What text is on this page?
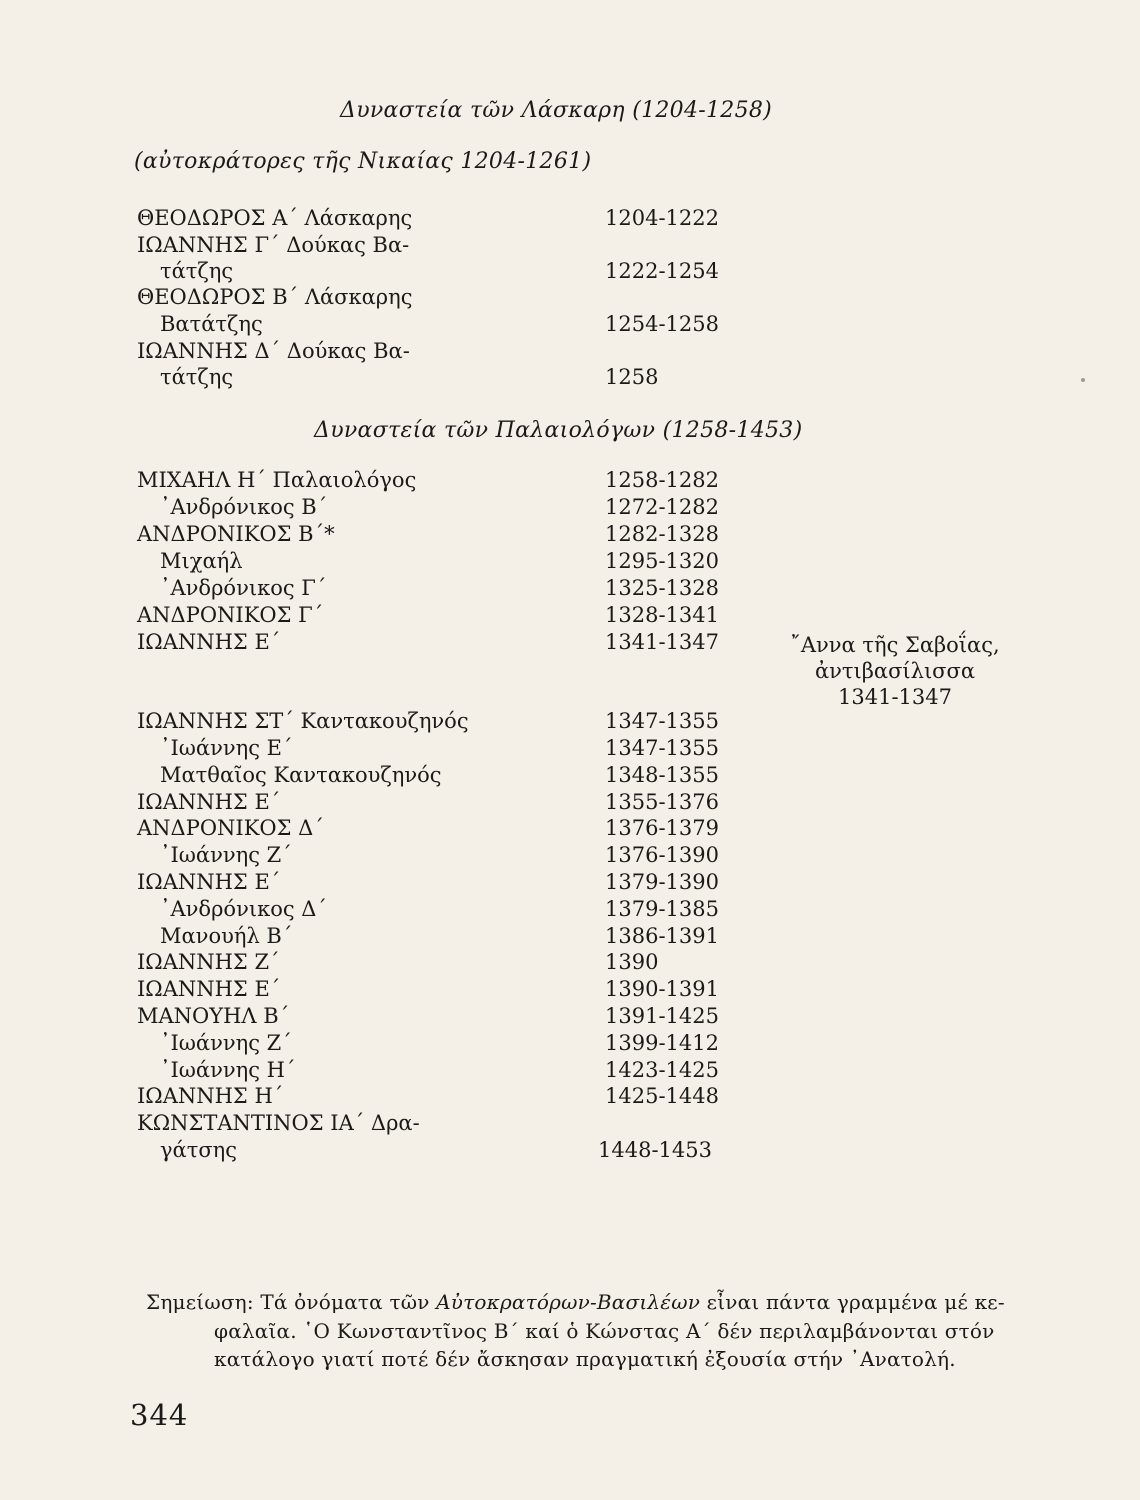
Δυναστεία τῶν Λάσκαρη (1204-1258)
(αὐτοκράτορες τῆς Νικαίας 1204-1261)
ΘΕΟΔΩΡΟΣ Α΄ Λάσκαρης	1204-1222
ΙΩΑΝΝΗΣ Γ΄ Δούκας Βα-
τάτζης	1222-1254
ΘΕΟΔΩΡΟΣ Β΄ Λάσκαρης
Βατάτζης	1254-1258
ΙΩΑΝΝΗΣ Δ΄ Δούκας Βα-
τάτζης	1258
Δυναστεία τῶν Παλαιολόγων (1258-1453)
ΜΙΧΑΗΛ Η΄ Παλαιολόγος	1258-1282
᾿Ανδρόνικος Β΄	1272-1282
ΑΝΔΡΟΝΙΚΟΣ Β΄*	1282-1328
Μιχαήλ	1295-1320
᾿Ανδρόνικος Γ΄	1325-1328
ΑΝΔΡΟΝΙΚΟΣ Γ΄	1328-1341
ΙΩΑΝΝΗΣ Ε΄	1341-1347	῎Αννα τῆς Σαβοΐας,
ἀντιβασίλισσα
1341-1347
ΙΩΑΝΝΗΣ ΣΤ΄ Καντακουζηνός	1347-1355
᾿Ιωάννης Ε΄	1347-1355
Ματθαῖος Καντακουζηνός	1348-1355
ΙΩΑΝΝΗΣ Ε΄	1355-1376
ΑΝΔΡΟΝΙΚΟΣ Δ΄	1376-1379
᾿Ιωάννης Ζ΄	1376-1390
ΙΩΑΝΝΗΣ Ε΄	1379-1390
᾿Ανδρόνικος Δ΄	1379-1385
Μανουήλ Β΄	1386-1391
ΙΩΑΝΝΗΣ Ζ΄	1390
ΙΩΑΝΝΗΣ Ε΄	1390-1391
ΜΑΝΟΥΗΛ Β΄	1391-1425
᾿Ιωάννης Ζ΄	1399-1412
᾿Ιωάννης Η΄	1423-1425
ΙΩΑΝΝΗΣ Η΄	1425-1448
ΚΩΝΣΤΑΝΤΙΝΟΣ ΙΑ΄ Δρα-
γάτσης	1448-1453
Σημείωση: Τά ὀνόματα τῶν Αὐτοκρατόρων-Βασιλέων εἶναι πάντα γραμμένα μέ κε-
φαλαῖα. ῾Ο Κωνσταντῖνος Β΄ καί ὁ Κώνστας Α΄ δέν περιλαμβάνονται στόν
κατάλογο γιατί ποτέ δέν ἄσκησαν πραγματική ἐξουσία στήν ᾿Ανατολή.
344
